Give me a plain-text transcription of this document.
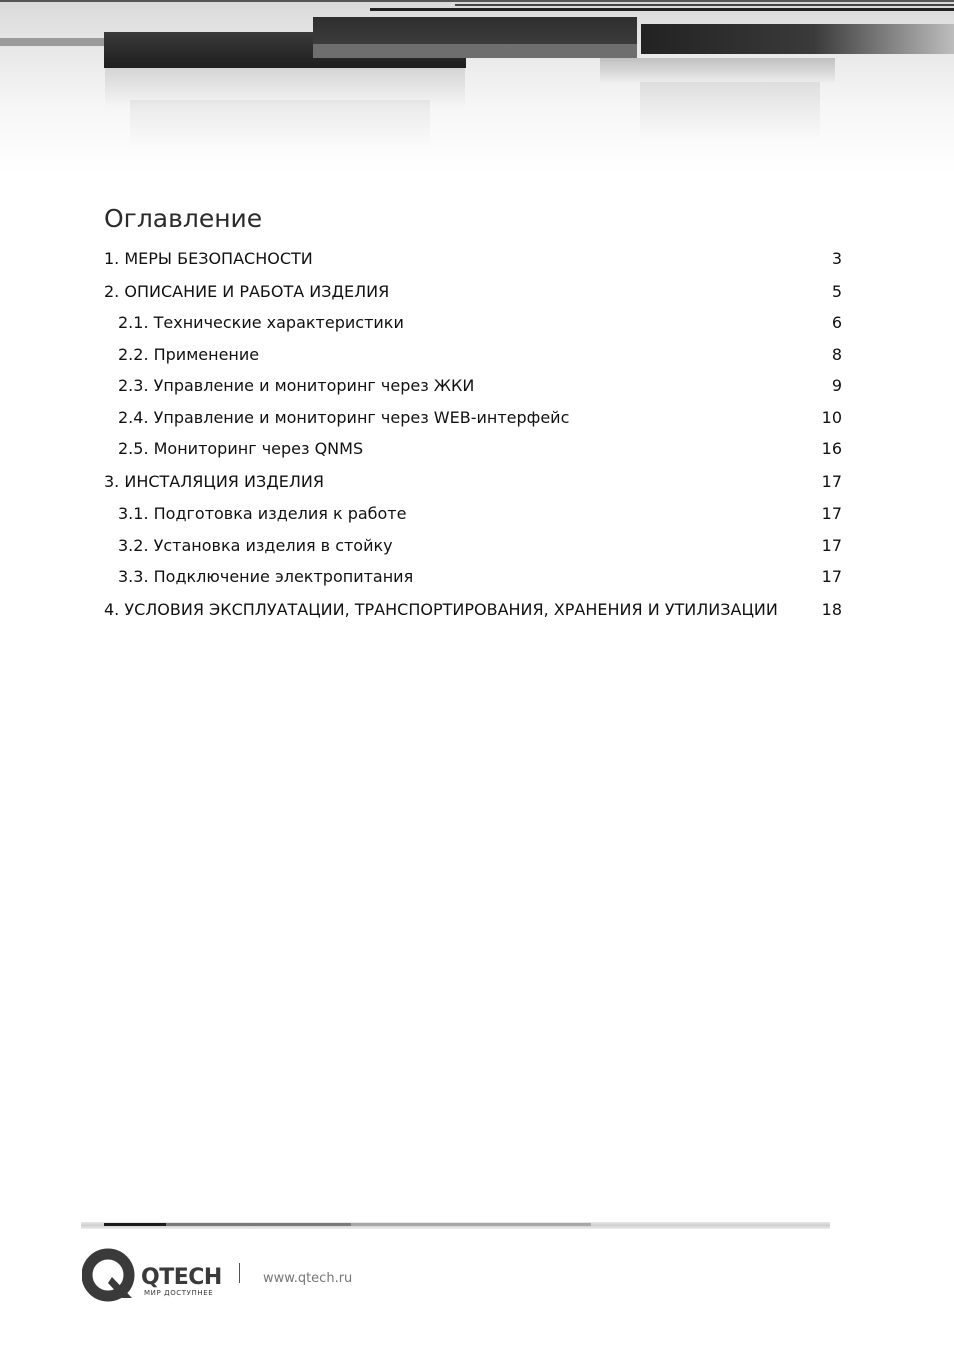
Оглавление
1. МЕРЫ БЕЗОПАСНОСТИ	3
2. ОПИСАНИЕ И РАБОТА ИЗДЕЛИЯ	5
2.1. Технические характеристики	6
2.2. Применение	8
2.3. Управление и мониторинг через ЖКИ	9
2.4. Управление и мониторинг через WEB-интерфейс	10
2.5. Мониторинг через QNMS	16
3. ИНСТАЛЯЦИЯ ИЗДЕЛИЯ	17
3.1. Подготовка изделия к работе	17
3.2. Установка изделия в стойку	17
3.3. Подключение электропитания	17
4. УСЛОВИЯ ЭКСПЛУАТАЦИИ, ТРАНСПОРТИРОВАНИЯ, ХРАНЕНИЯ И УТИЛИЗАЦИИ	18
QTECH
МИР ДОСТУПНЕЕ
www.qtech.ru
